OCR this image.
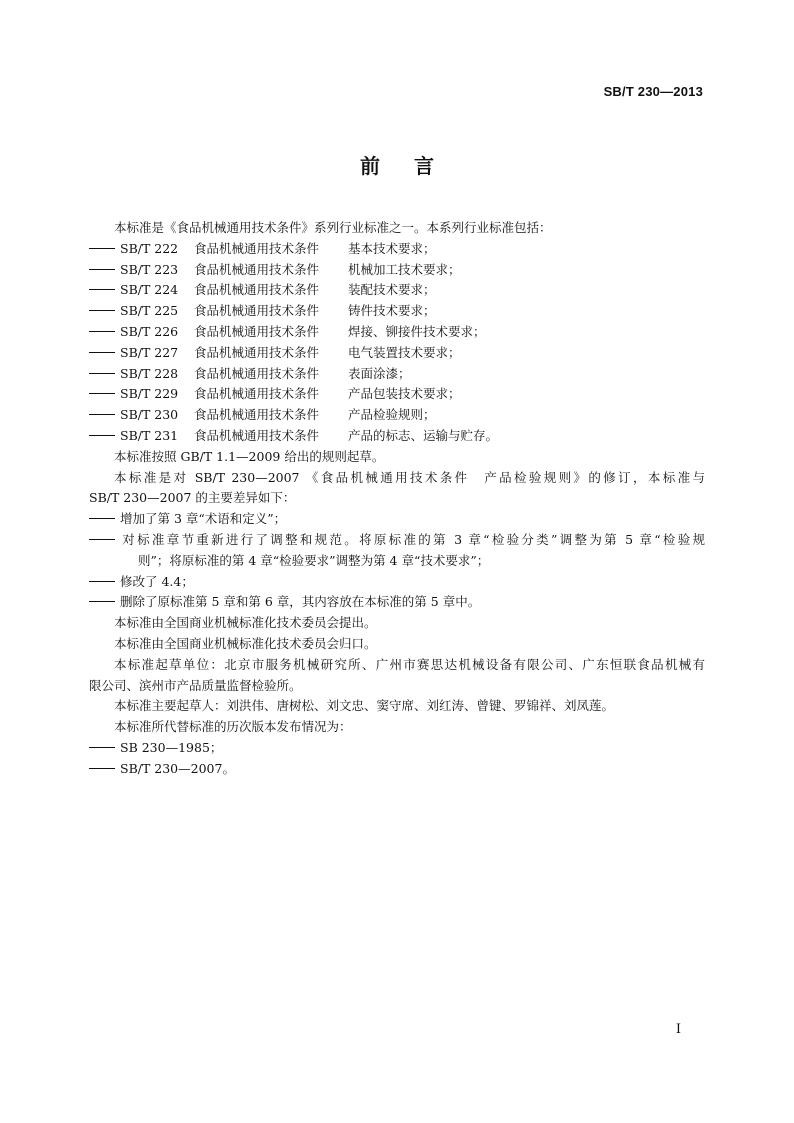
SB/T 230—2013
前言
本标准是《食品机械通用技术条件》系列行业标准之一。本系列行业标准包括：
SB/T 222 食品机械通用技术条件 基本技术要求；
SB/T 223 食品机械通用技术条件 机械加工技术要求；
SB/T 224 食品机械通用技术条件 装配技术要求；
SB/T 225 食品机械通用技术条件 铸件技术要求；
SB/T 226 食品机械通用技术条件 焊接、铆接件技术要求；
SB/T 227 食品机械通用技术条件 电气装置技术要求；
SB/T 228 食品机械通用技术条件 表面涂漆；
SB/T 229 食品机械通用技术条件 产品包装技术要求；
SB/T 230 食品机械通用技术条件 产品检验规则；
SB/T 231 食品机械通用技术条件 产品的标志、运输与贮存。
本标准按照 GB/T 1.1—2009 给出的规则起草。
本标准是对 SB/T 230—2007 《食品机械通用技术条件　产品检验规则》的修订，本标准与
SB/T 230—2007 的主要差异如下：
增加了第 3 章“术语和定义”；
对标准章节重新进行了调整和规范。将原标准的第 3 章“检验分类”调整为第 5 章“检验规
则”；将原标准的第 4 章“检验要求”调整为第 4 章“技术要求”；
修改了 4.4；
删除了原标准第 5 章和第 6 章，其内容放在本标准的第 5 章中。
本标准由全国商业机械标准化技术委员会提出。
本标准由全国商业机械标准化技术委员会归口。
本标准起草单位：北京市服务机械研究所、广州市赛思达机械设备有限公司、广东恒联食品机械有
限公司、滨州市产品质量监督检验所。
本标准主要起草人：刘洪伟、唐树松、刘文忠、窦守席、刘红涛、曾键、罗锦祥、刘凤莲。
本标准所代替标准的历次版本发布情况为：
SB 230—1985；
SB/T 230—2007。
I
